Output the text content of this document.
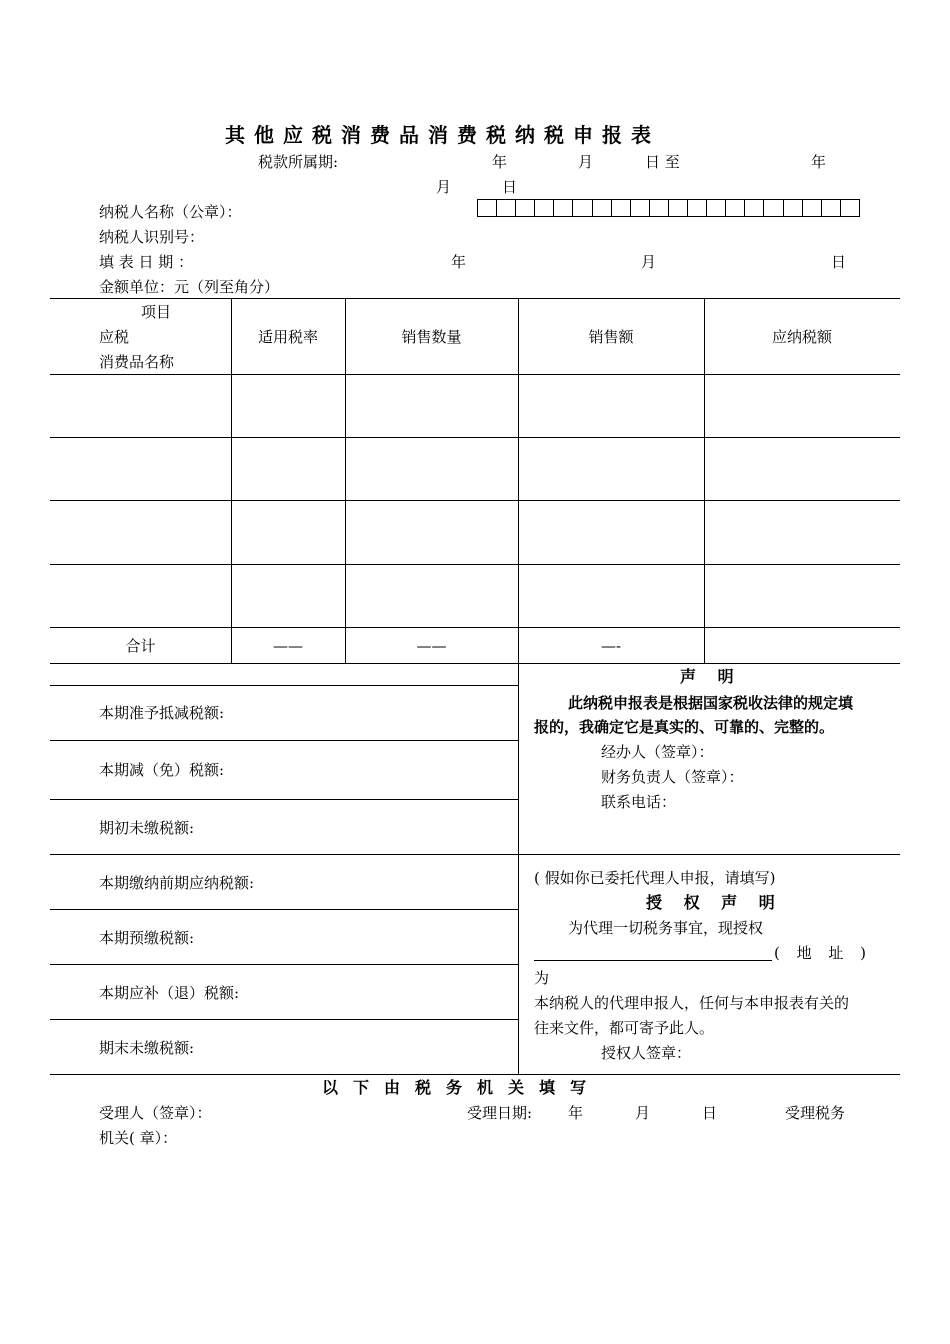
其他应税消费品消费税纳税申报表
税款所属期:	年	月	日 至	年
月	日
纳税人名称（公章）：
纳税人识别号：
填 表 日 期 ：	年	月	日
金额单位：元（列至角分）
项目
应税
消费品名称
适用税率	销售数量	销售额	应纳税额
合计	——	——	—-
本期准予抵减税额:
本期减（免）税额:
期初未缴税额:
本期缴纳前期应纳税额:
本期预缴税额:
本期应补（退）税额:
期末未缴税额:
声 明
此纳税申报表是根据国家税收法律的规定填
报的，我确定它是真实的、可靠的、完整的。
经办人（签章）：
财务负责人（签章）：
联系电话：
( 假如你已委托代理人申报，请填写)
授 权 声 明
为代理一切税务事宜，现授权
( 地 址 )
为
本纳税人的代理申报人，任何与本申报表有关的
往来文件，都可寄予此人。
授权人签章：
以下由税务机关填写
受理人（签章）：	受理日期: 年	月	日	受理税务
机关( 章）：
